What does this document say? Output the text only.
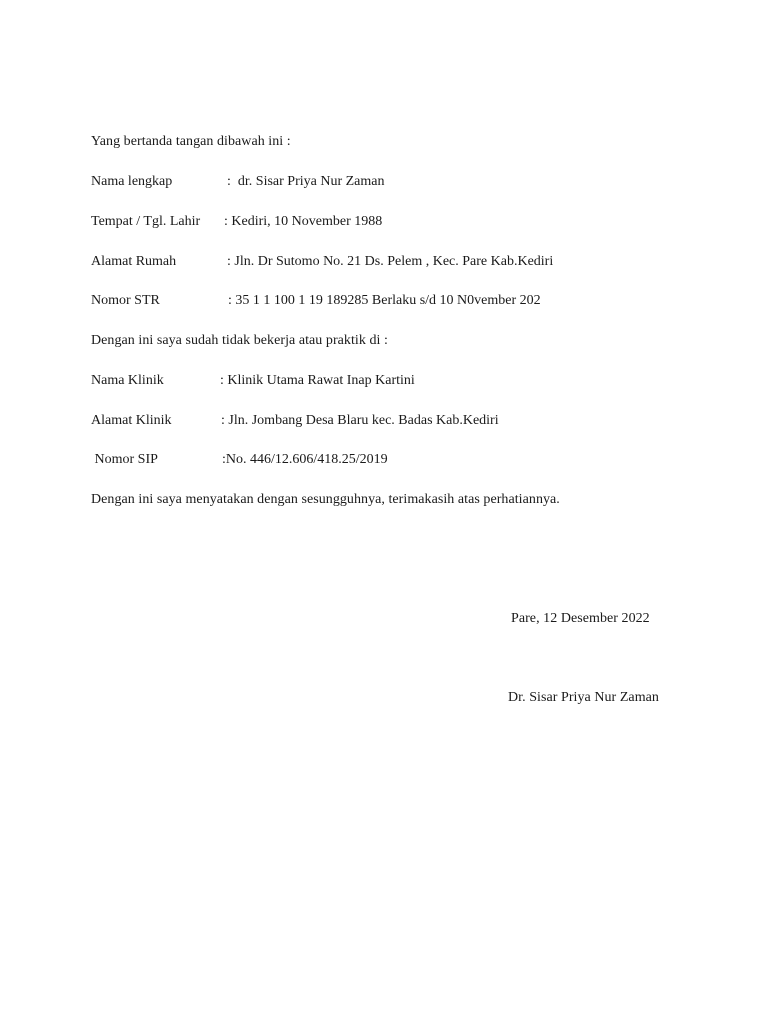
Yang bertanda tangan dibawah ini :
Nama lengkap	:  dr. Sisar Priya Nur Zaman
Tempat / Tgl. Lahir : Kediri, 10 November 1988
Alamat Rumah	: Jln. Dr Sutomo No. 21 Ds. Pelem , Kec. Pare Kab.Kediri
Nomor STR	: 35 1 1 100 1 19 189285 Berlaku s/d 10 N0vember 202
Dengan ini saya sudah tidak bekerja atau praktik di :
Nama Klinik	: Klinik Utama Rawat Inap Kartini
Alamat Klinik	: Jln. Jombang Desa Blaru kec. Badas Kab.Kediri
Nomor SIP	:No. 446/12.606/418.25/2019
Dengan ini saya menyatakan dengan sesungguhnya, terimakasih atas perhatiannya.
Pare, 12 Desember 2022
Dr. Sisar Priya Nur Zaman
